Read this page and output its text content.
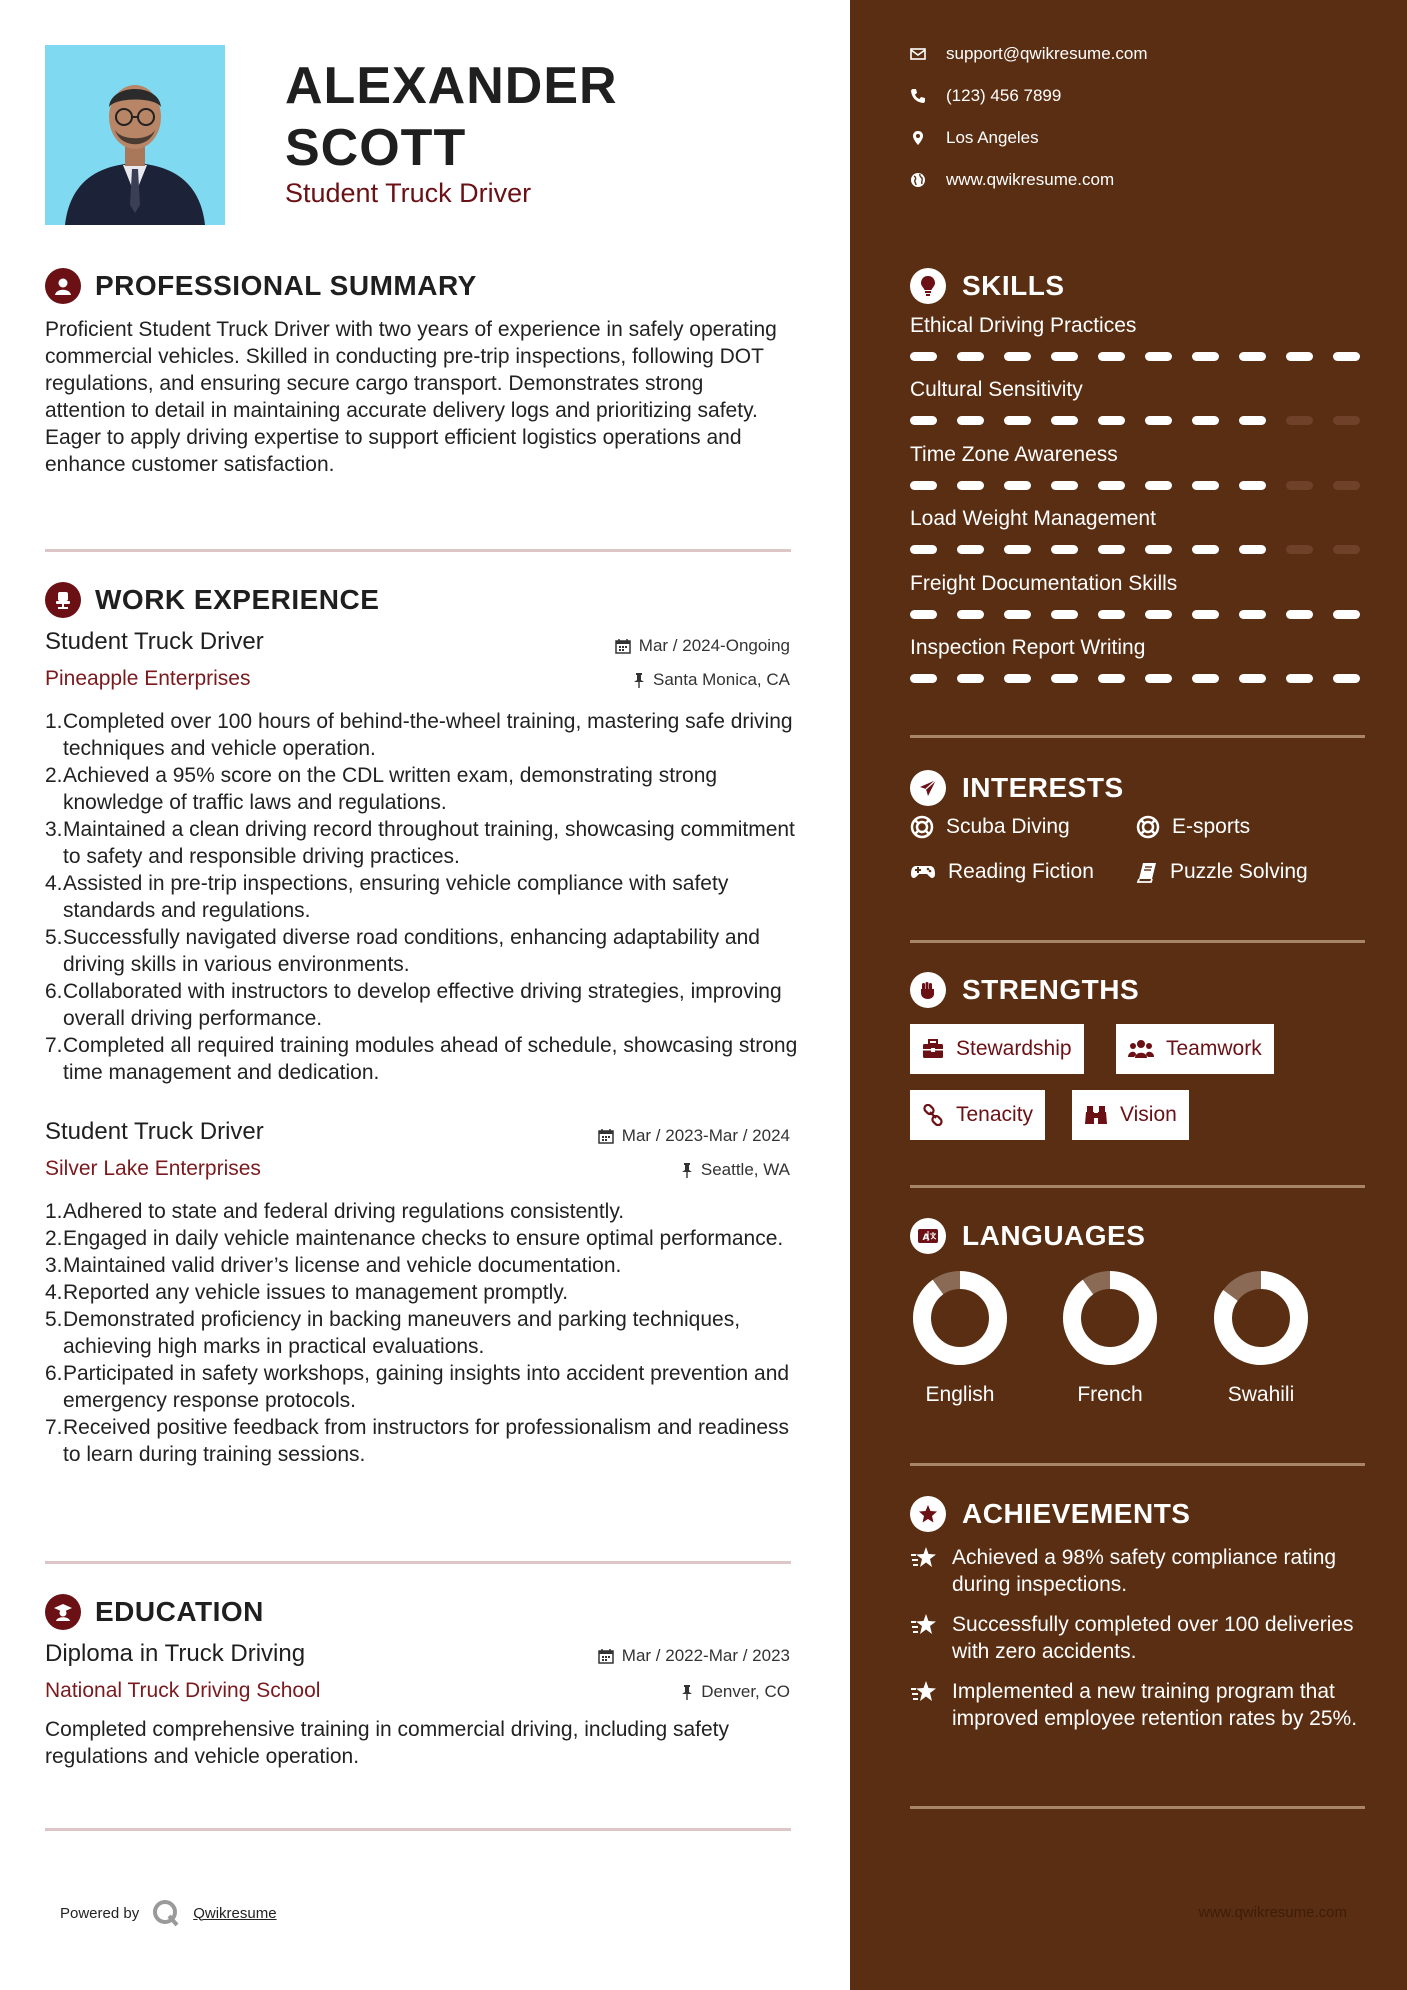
ALEXANDER
SCOTT
Student Truck Driver
PROFESSIONAL SUMMARY
Proficient Student Truck Driver with two years of experience in safely operating commercial vehicles. Skilled in conducting pre-trip inspections, following DOT regulations, and ensuring secure cargo transport. Demonstrates strong attention to detail in maintaining accurate delivery logs and prioritizing safety. Eager to apply driving expertise to support efficient logistics operations and enhance customer satisfaction.
WORK EXPERIENCE
Student Truck Driver	Mar / 2024-Ongoing
Pineapple Enterprises	Santa Monica, CA
1. Completed over 100 hours of behind-the-wheel training, mastering safe driving techniques and vehicle operation.
2. Achieved a 95% score on the CDL written exam, demonstrating strong knowledge of traffic laws and regulations.
3. Maintained a clean driving record throughout training, showcasing commitment to safety and responsible driving practices.
4. Assisted in pre-trip inspections, ensuring vehicle compliance with safety standards and regulations.
5. Successfully navigated diverse road conditions, enhancing adaptability and driving skills in various environments.
6. Collaborated with instructors to develop effective driving strategies, improving overall driving performance.
7. Completed all required training modules ahead of schedule, showcasing strong time management and dedication.
Student Truck Driver	Mar / 2023-Mar / 2024
Silver Lake Enterprises	Seattle, WA
1. Adhered to state and federal driving regulations consistently.
2. Engaged in daily vehicle maintenance checks to ensure optimal performance.
3. Maintained valid driver’s license and vehicle documentation.
4. Reported any vehicle issues to management promptly.
5. Demonstrated proficiency in backing maneuvers and parking techniques, achieving high marks in practical evaluations.
6. Participated in safety workshops, gaining insights into accident prevention and emergency response protocols.
7. Received positive feedback from instructors for professionalism and readiness to learn during training sessions.
EDUCATION
Diploma in Truck Driving	Mar / 2022-Mar / 2023
National Truck Driving School	Denver, CO
Completed comprehensive training in commercial driving, including safety regulations and vehicle operation.
Powered by	Qwikresume
support@qwikresume.com
(123) 456 7899
Los Angeles
www.qwikresume.com
SKILLS
Ethical Driving Practices
Cultural Sensitivity
Time Zone Awareness
Load Weight Management
Freight Documentation Skills
Inspection Report Writing
INTERESTS
Scuba Diving	E-sports
Reading Fiction	Puzzle Solving
STRENGTHS
Stewardship	Teamwork
Tenacity	Vision
A LANGUAGES
English	French	Swahili
ACHIEVEMENTS
Achieved a 98% safety compliance rating during inspections.
Successfully completed over 100 deliveries with zero accidents.
Implemented a new training program that improved employee retention rates by 25%.
www.qwikresume.com
